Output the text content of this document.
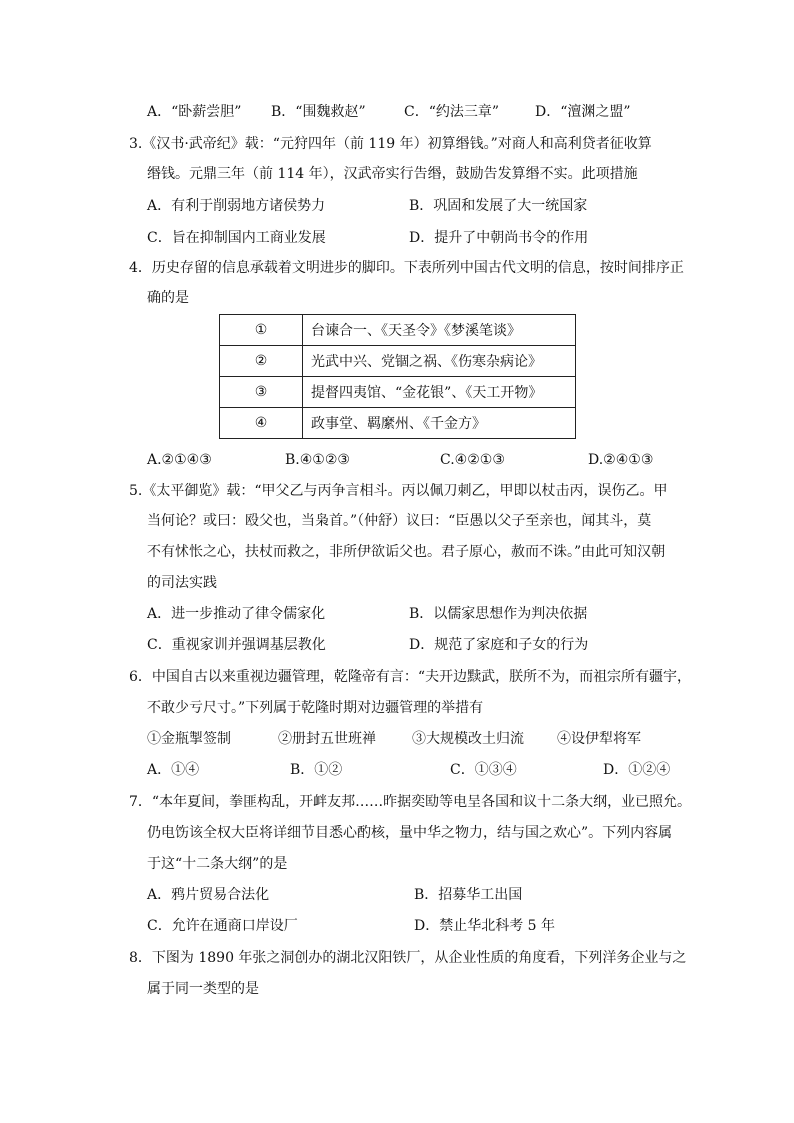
A．“卧薪尝胆” B．“围魏救赵”	C．“约法三章”	D．“澶渊之盟”
3.《汉书·武帝纪》载：“元狩四年（前 119 年）初算缗钱。”对商人和高利贷者征收算
缗钱。元鼎三年（前 114 年），汉武帝实行告缗，鼓励告发算缗不实。此项措施
A．有利于削弱地方诸侯势力	B．巩固和发展了大一统国家
C．旨在抑制国内工商业发展	D．提升了中朝尚书令的作用
4．历史存留的信息承载着文明进步的脚印。下表所列中国古代文明的信息，按时间排序正
确的是
①	台谏合一、《天圣令》《梦溪笔谈》
②	光武中兴、党锢之祸、《伤寒杂病论》
③	提督四夷馆、“金花银”、《天工开物》
④	政事堂、羁縻州、《千金方》
A.②①④③	B.④①②③	C.④②①③	D.②④①③
5.《太平御览》载：“甲父乙与丙争言相斗。丙以佩刀刺乙，甲即以杖击丙，误伤乙。甲
当何论？或曰：殴父也，当枭首。”（仲舒）议曰：“臣愚以父子至亲也，闻其斗，莫
不有怵怅之心，扶杖而救之，非所伊欲诟父也。君子原心，赦而不诛。”由此可知汉朝
的司法实践
A．进一步推动了律令儒家化	B．以儒家思想作为判决依据
C．重视家训并强调基层教化	D．规范了家庭和子女的行为
6．中国自古以来重视边疆管理，乾隆帝有言：“夫开边黩武，朕所不为，而祖宗所有疆宇，
不敢少亏尺寸。”下列属于乾隆时期对边疆管理的举措有
①金瓶掣签制	②册封五世班禅	③大规模改土归流 ④设伊犁将军
A．①④	B．①②	C．①③④	D．①②④
7．“本年夏间，拳匪构乱，开衅友邦……昨据奕劻等电呈各国和议十二条大纲，业已照允。
仍电饬该全权大臣将详细节目悉心酌核，量中华之物力，结与国之欢心”。下列内容属
于这“十二条大纲”的是
A．鸦片贸易合法化	B．招募华工出国
C．允许在通商口岸设厂	D．禁止华北科考 5 年
8．下图为 1890 年张之洞创办的湖北汉阳铁厂，从企业性质的角度看，下列洋务企业与之
属于同一类型的是
